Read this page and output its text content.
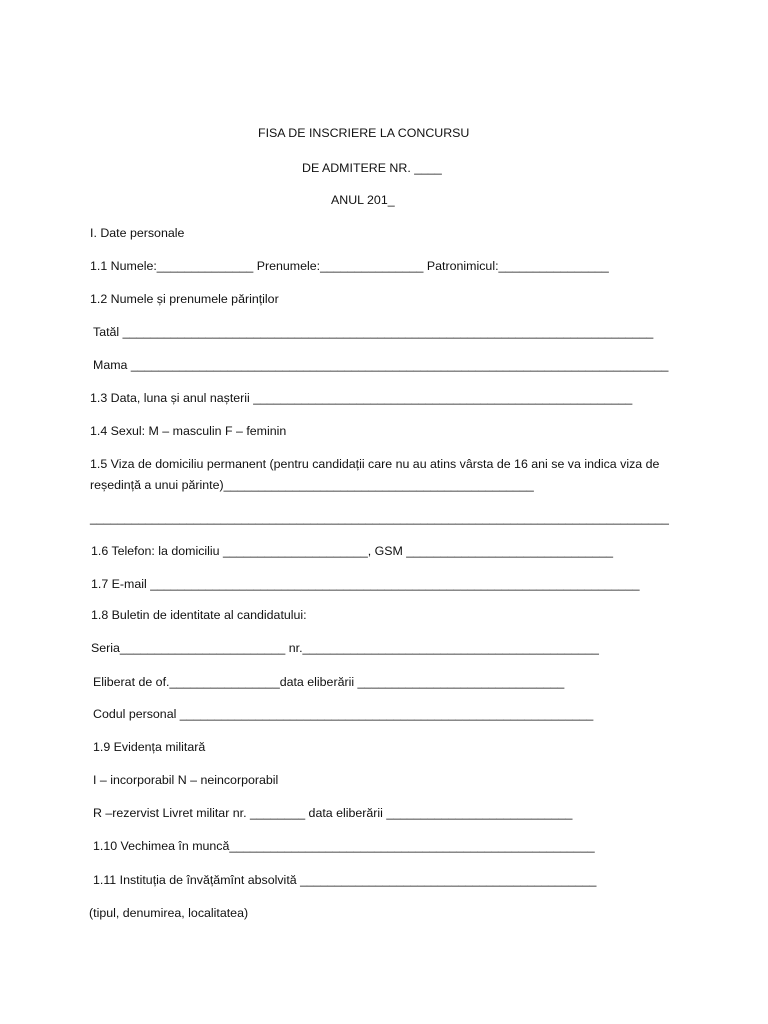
FISA DE INSCRIERE LA CONCURSU
DE ADMITERE NR. ____
ANUL 201_
I. Date personale
1.1 Numele:______________ Prenumele:_______________ Patronimicul:________________
1.2 Numele și prenumele părinților
Tatăl _____________________________________________________________________________
Mama ______________________________________________________________________________
1.3 Data, luna și anul nașterii _______________________________________________________
1.4 Sexul: M – masculin F – feminin
1.5 Viza de domiciliu permanent (pentru candidații care nu au atins vârsta de 16 ani se va indica viza de
reședință a unui părinte)_____________________________________________
____________________________________________________________________________________
1.6 Telefon: la domiciliu _____________________, GSM ______________________________
1.7 E-mail _______________________________________________________________________
1.8 Buletin de identitate al candidatului:
Seria________________________ nr.___________________________________________
Eliberat de of.________________data eliberării ______________________________
Codul personal ____________________________________________________________
1.9 Evidența militară
I – incorporabil N – neincorporabil
R –rezervist Livret militar nr. ________ data eliberării ___________________________
1.10 Vechimea în muncă_____________________________________________________
1.11 Instituția de învățămînt absolvită ___________________________________________
(tipul, denumirea, localitatea)
